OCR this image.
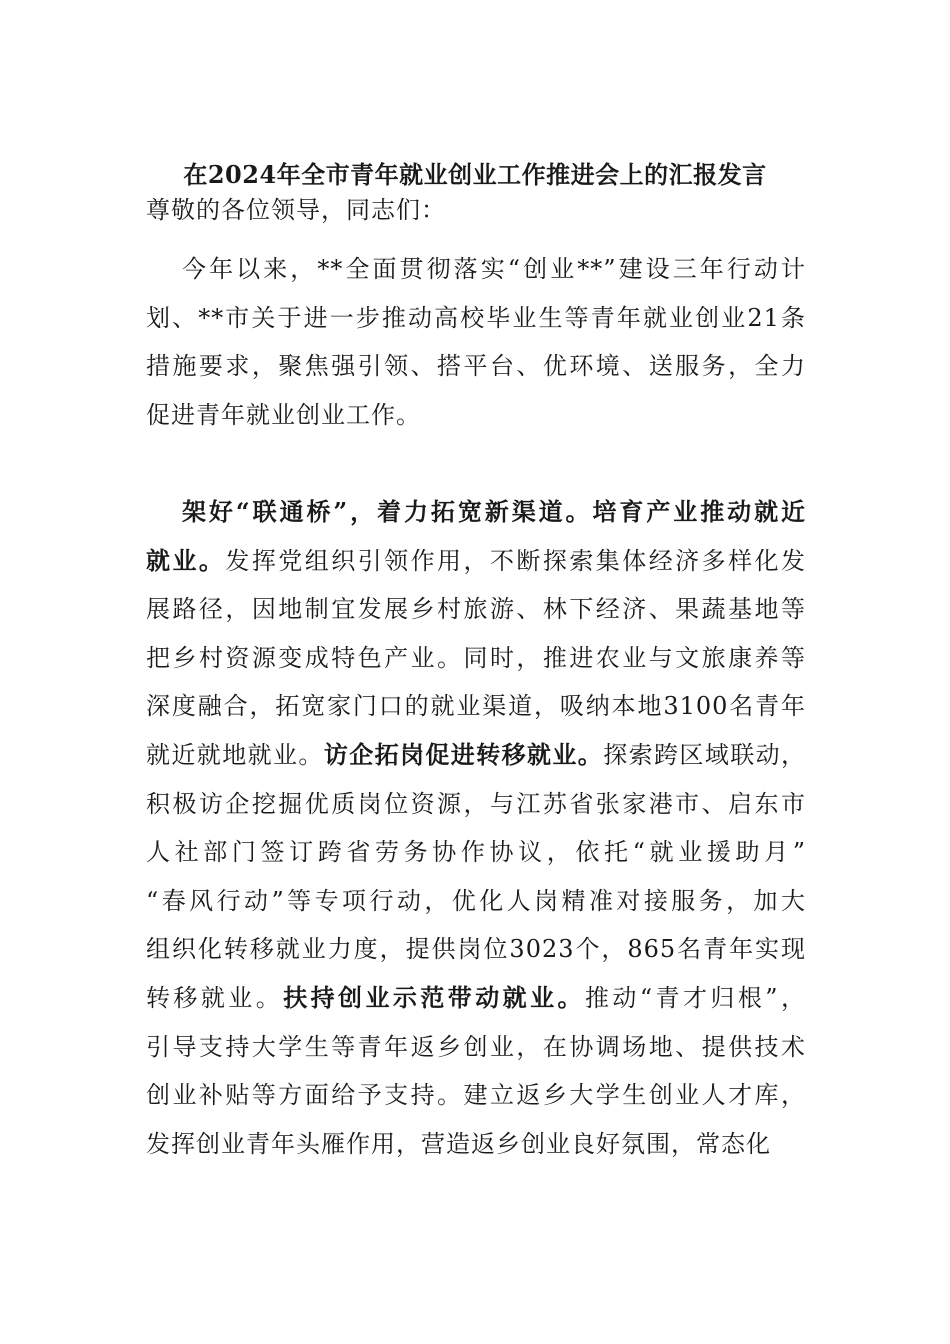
在2024年全市青年就业创业工作推进会上的汇报发言
尊敬的各位领导，同志们：
今年以来，**全面贯彻落实“创业**”建设三年行动计
划、**市关于进一步推动高校毕业生等青年就业创业21条
措施要求，聚焦强引领、搭平台、优环境、送服务，全力
促进青年就业创业工作。
架好“联通桥”，着力拓宽新渠道。培育产业推动就近
就业。发挥党组织引领作用，不断探索集体经济多样化发
展路径，因地制宜发展乡村旅游、林下经济、果蔬基地等
把乡村资源变成特色产业。同时，推进农业与文旅康养等
深度融合，拓宽家门口的就业渠道，吸纳本地3100名青年
就近就地就业。访企拓岗促进转移就业。探索跨区域联动，
积极访企挖掘优质岗位资源，与江苏省张家港市、启东市
人社部门签订跨省劳务协作协议，依托“就业援助月”
“春风行动”等专项行动，优化人岗精准对接服务，加大
组织化转移就业力度，提供岗位3023个，865名青年实现
转移就业。扶持创业示范带动就业。推动“青才归根”，
引导支持大学生等青年返乡创业，在协调场地、提供技术
创业补贴等方面给予支持。建立返乡大学生创业人才库，
发挥创业青年头雁作用，营造返乡创业良好氛围，常态化
